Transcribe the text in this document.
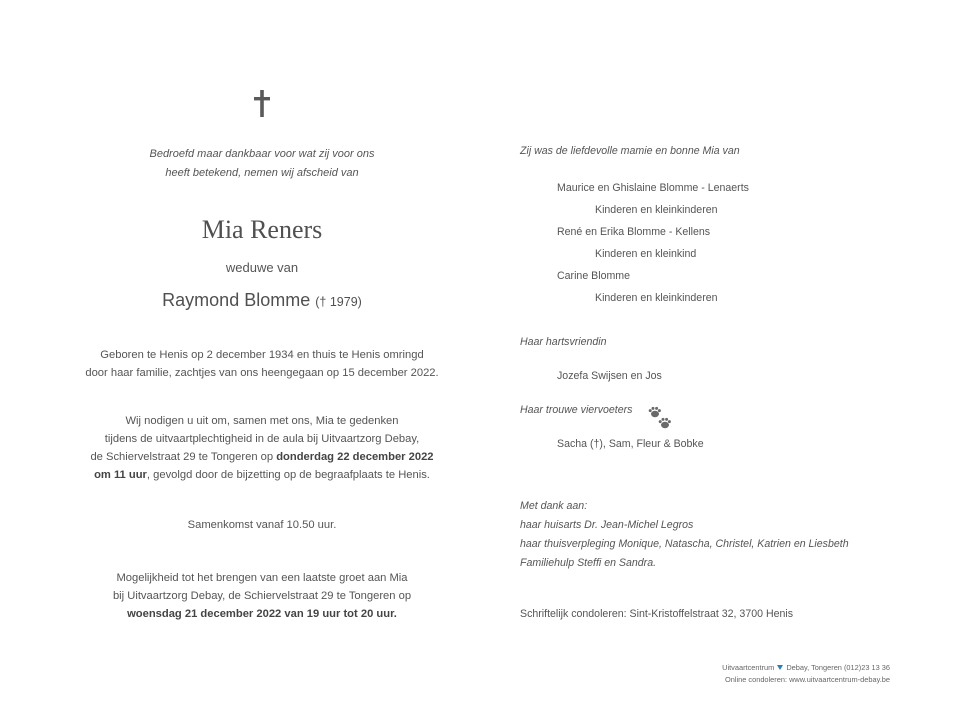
Bedroefd maar dankbaar voor wat zij voor ons
heeft betekend, nemen wij afscheid van
Mia Reners
weduwe van
Raymond Blomme († 1979)
Geboren te Henis op 2 december 1934 en thuis te Henis omringd
door haar familie, zachtjes van ons heengegaan op 15 december 2022.
Wij nodigen u uit om, samen met ons, Mia te gedenken
tijdens de uitvaartplechtigheid in de aula bij Uitvaartzorg Debay,
de Schiervelstraat 29 te Tongeren op donderdag 22 december 2022
om 11 uur, gevolgd door de bijzetting op de begraafplaats te Henis.
Samenkomst vanaf 10.50 uur.
Mogelijkheid tot het brengen van een laatste groet aan Mia
bij Uitvaartzorg Debay, de Schiervelstraat 29 te Tongeren op
woensdag 21 december 2022 van 19 uur tot 20 uur.
Zij was de liefdevolle mamie en bonne Mia van
Maurice en Ghislaine Blomme - Lenaerts
Kinderen en kleinkinderen
René en Erika Blomme - Kellens
Kinderen en kleinkind
Carine Blomme
Kinderen en kleinkinderen
Haar hartsvriendin
Jozefa Swijsen en Jos
Haar trouwe viervoeters
Sacha (†), Sam, Fleur & Bobke
Met dank aan:
haar huisarts Dr. Jean-Michel Legros
haar thuisverpleging Monique, Natascha, Christel, Katrien en Liesbeth
Familiehulp Steffi en Sandra.
Schriftelijk condoleren: Sint-Kristoffelstraat 32, 3700 Henis
Uitvaartcentrum Debay, Tongeren (012)23 13 36
Online condoleren: www.uitvaartcentrum-debay.be
